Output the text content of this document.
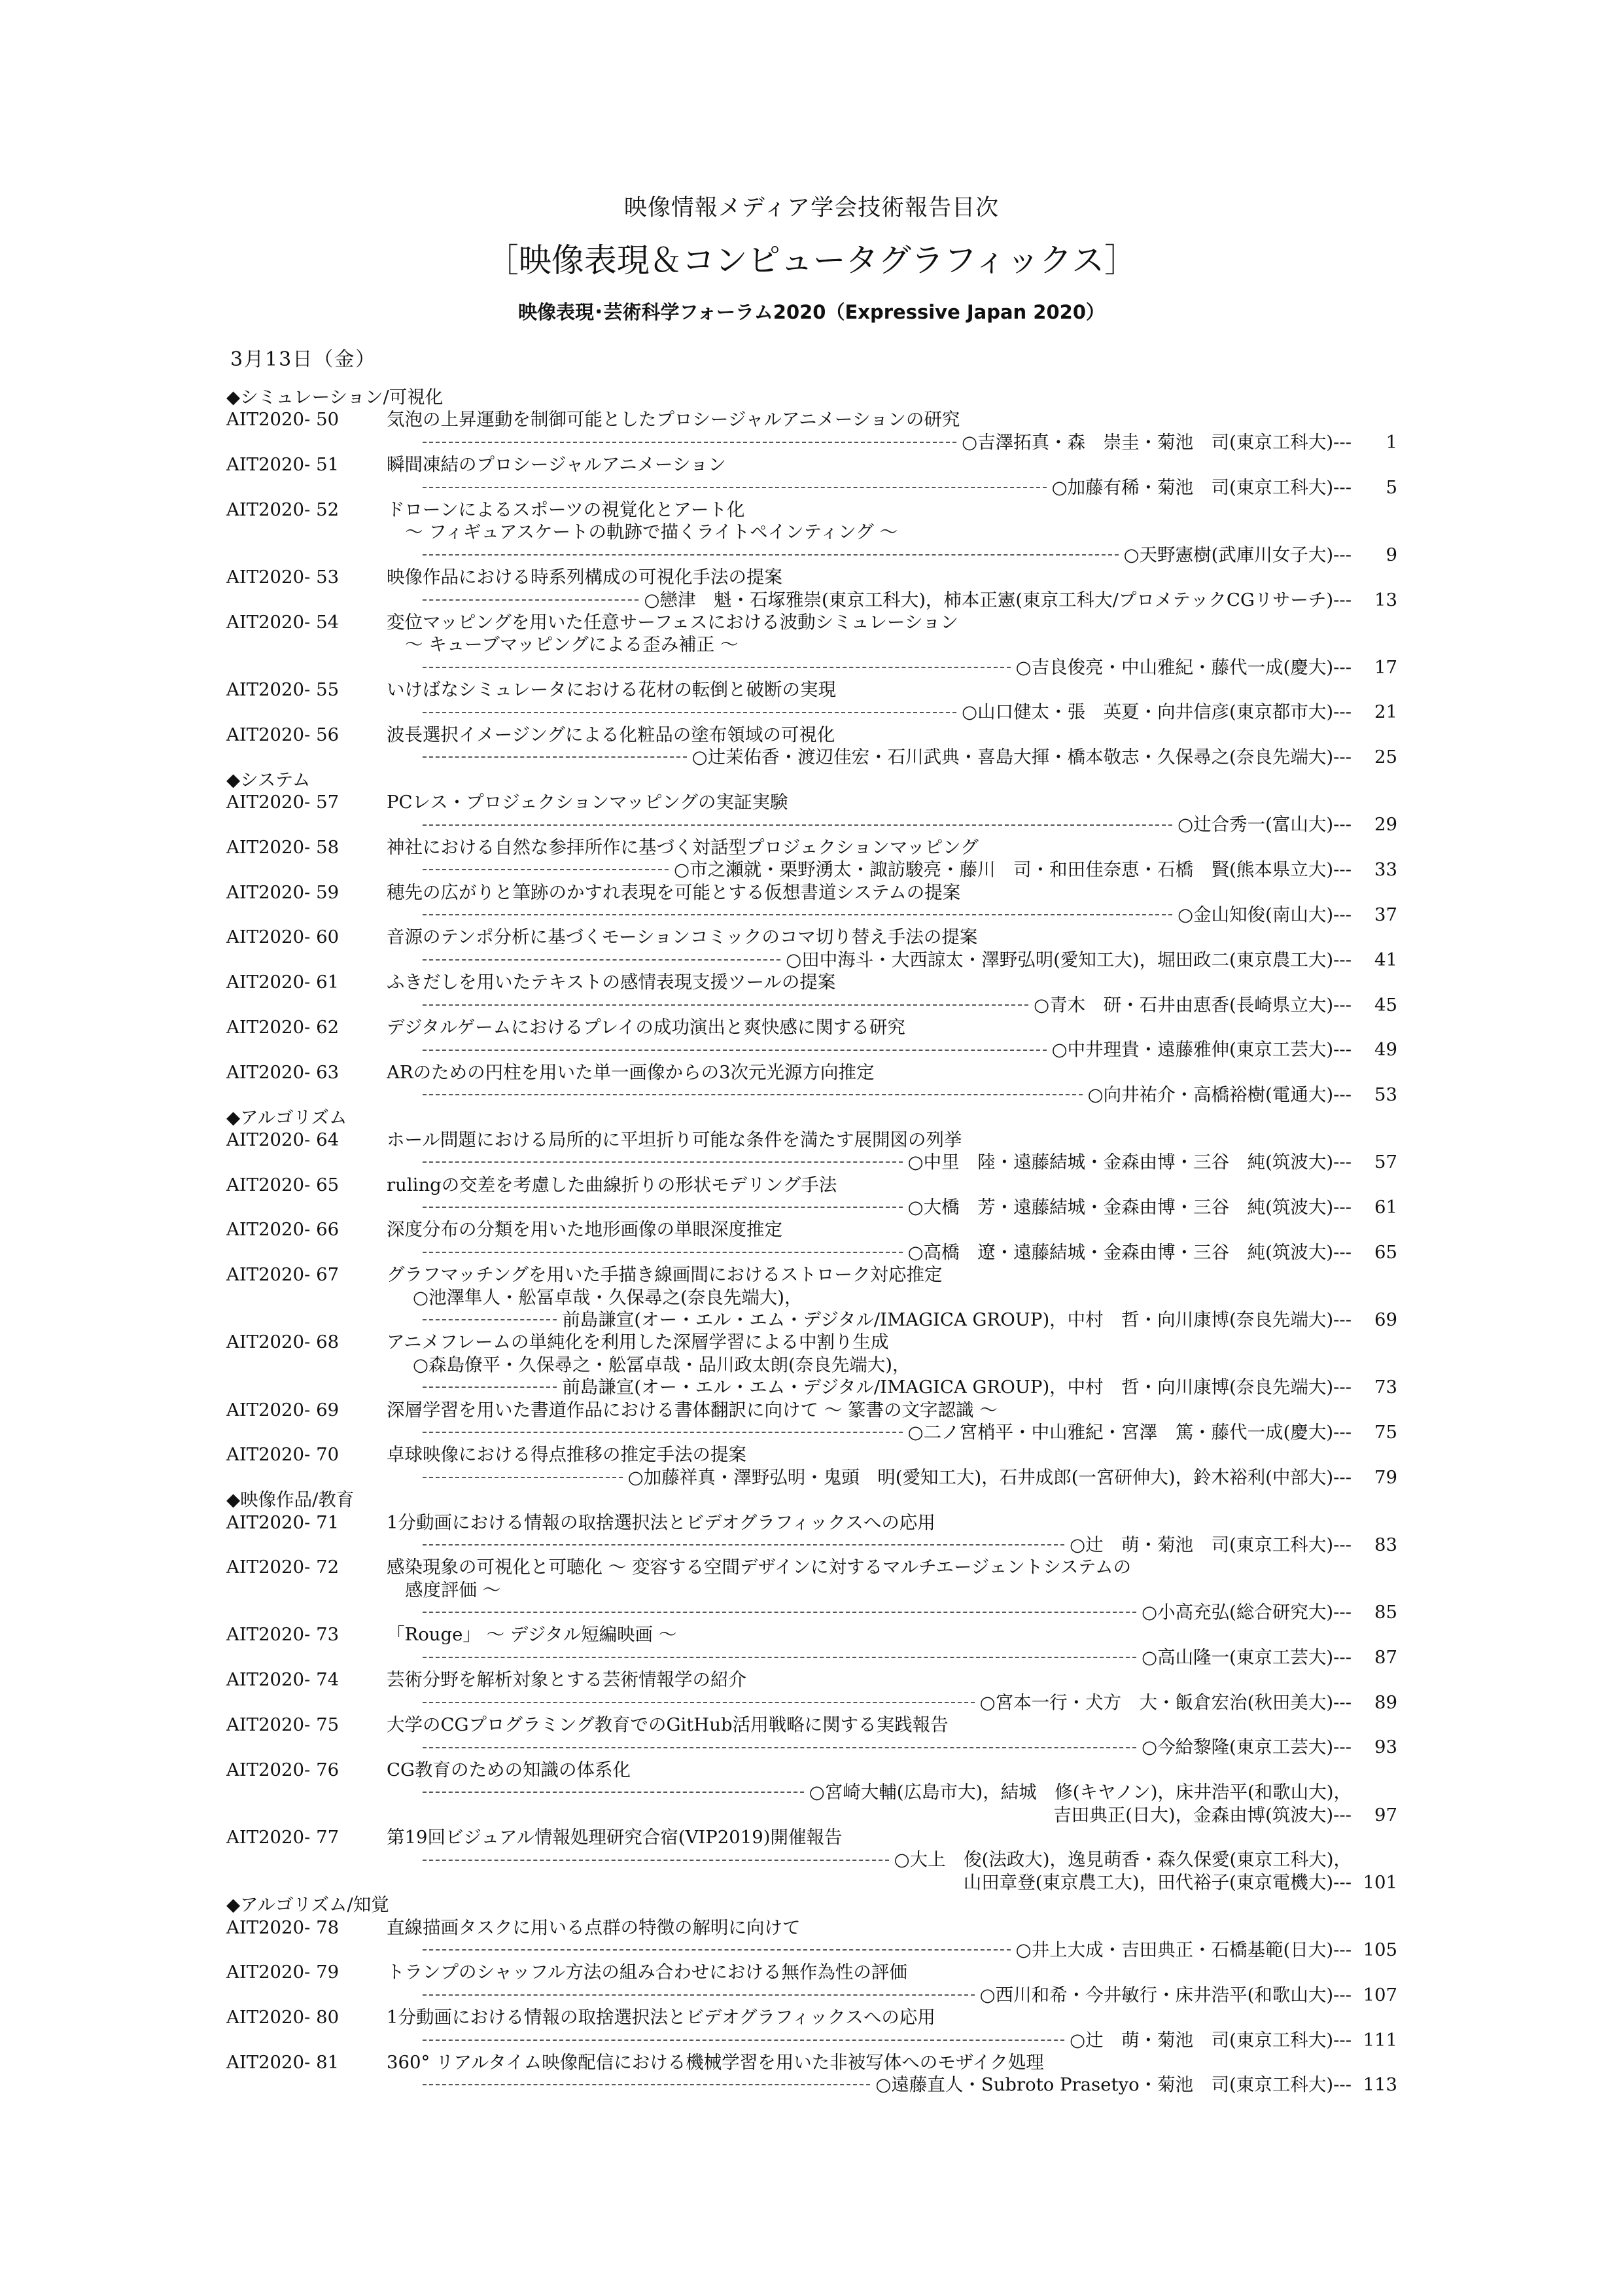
映像情報メディア学会技術報告目次
［映像表現＆コンピュータグラフィックス］
映像表現･芸術科学フォーラム2020（Expressive Japan 2020）
3月13日（金）
◆シミュレーション/可視化
AIT2020- 50	気泡の上昇運動を制御可能としたプロシージャルアニメーションの研究
○吉澤拓真・森　崇圭・菊池　司(東京工科大)---	1
AIT2020- 51	瞬間凍結のプロシージャルアニメーション
○加藤有稀・菊池　司(東京工科大)---	5
AIT2020- 52	ドローンによるスポーツの視覚化とアート化
～ フィギュアスケートの軌跡で描くライトペインティング ～
○天野憲樹(武庫川女子大)---	9
AIT2020- 53	映像作品における時系列構成の可視化手法の提案
○戀津　魁・石塚雅崇(東京工科大)，柿本正憲(東京工科大/プロメテックCGリサーチ)---	13
AIT2020- 54	変位マッピングを用いた任意サーフェスにおける波動シミュレーション
～ キューブマッピングによる歪み補正 ～
○吉良俊亮・中山雅紀・藤代一成(慶大)---	17
AIT2020- 55	いけばなシミュレータにおける花材の転倒と破断の実現
○山口健太・張　英夏・向井信彦(東京都市大)---	21
AIT2020- 56	波長選択イメージングによる化粧品の塗布領域の可視化
○辻茉佑香・渡辺佳宏・石川武典・喜島大揮・橋本敬志・久保尋之(奈良先端大)---	25
◆システム
AIT2020- 57	PCレス・プロジェクションマッピングの実証実験
○辻合秀一(富山大)---	29
AIT2020- 58	神社における自然な参拝所作に基づく対話型プロジェクションマッピング
○市之瀬就・栗野湧太・諏訪駿亮・藤川　司・和田佳奈恵・石橋　賢(熊本県立大)---	33
AIT2020- 59	穂先の広がりと筆跡のかすれ表現を可能とする仮想書道システムの提案
○金山知俊(南山大)---	37
AIT2020- 60	音源のテンポ分析に基づくモーションコミックのコマ切り替え手法の提案
○田中海斗・大西諒太・澤野弘明(愛知工大)，堀田政二(東京農工大)---	41
AIT2020- 61	ふきだしを用いたテキストの感情表現支援ツールの提案
○青木　研・石井由恵香(長崎県立大)---	45
AIT2020- 62	デジタルゲームにおけるプレイの成功演出と爽快感に関する研究
○中井理貴・遠藤雅伸(東京工芸大)---	49
AIT2020- 63	ARのための円柱を用いた単一画像からの3次元光源方向推定
○向井祐介・高橋裕樹(電通大)---	53
◆アルゴリズム
AIT2020- 64	ホール問題における局所的に平坦折り可能な条件を満たす展開図の列挙
○中里　陸・遠藤結城・金森由博・三谷　純(筑波大)---	57
AIT2020- 65	rulingの交差を考慮した曲線折りの形状モデリング手法
○大橋　芳・遠藤結城・金森由博・三谷　純(筑波大)---	61
AIT2020- 66	深度分布の分類を用いた地形画像の単眼深度推定
○高橋　遼・遠藤結城・金森由博・三谷　純(筑波大)---	65
AIT2020- 67	グラフマッチングを用いた手描き線画間におけるストローク対応推定
○池澤隼人・舩冨卓哉・久保尋之(奈良先端大)，
前島謙宣(オー・エル・エム・デジタル/IMAGICA GROUP)，中村　哲・向川康博(奈良先端大)---	69
AIT2020- 68	アニメフレームの単純化を利用した深層学習による中割り生成
○森島僚平・久保尋之・舩冨卓哉・品川政太朗(奈良先端大)，
前島謙宣(オー・エル・エム・デジタル/IMAGICA GROUP)，中村　哲・向川康博(奈良先端大)---	73
AIT2020- 69	深層学習を用いた書道作品における書体翻訳に向けて ～ 篆書の文字認識 ～
○二ノ宮梢平・中山雅紀・宮澤　篤・藤代一成(慶大)---	75
AIT2020- 70	卓球映像における得点推移の推定手法の提案
○加藤祥真・澤野弘明・鬼頭　明(愛知工大)，石井成郎(一宮研伸大)，鈴木裕利(中部大)---	79
◆映像作品/教育
AIT2020- 71	1分動画における情報の取捨選択法とビデオグラフィックスへの応用
○辻　萌・菊池　司(東京工科大)---	83
AIT2020- 72	感染現象の可視化と可聴化 ～ 変容する空間デザインに対するマルチエージェントシステムの
感度評価 ～
○小高充弘(総合研究大)---	85
AIT2020- 73	「Rouge」 ～ デジタル短編映画 ～
○高山隆一(東京工芸大)---	87
AIT2020- 74	芸術分野を解析対象とする芸術情報学の紹介
○宮本一行・犬方　大・飯倉宏治(秋田美大)---	89
AIT2020- 75	大学のCGプログラミング教育でのGitHub活用戦略に関する実践報告
○今給黎隆(東京工芸大)---	93
AIT2020- 76	CG教育のための知識の体系化
○宮崎大輔(広島市大)，結城　修(キヤノン)，床井浩平(和歌山大)，
吉田典正(日大)，金森由博(筑波大)---	97
AIT2020- 77	第19回ビジュアル情報処理研究合宿(VIP2019)開催報告
○大上　俊(法政大)，逸見萌香・森久保愛(東京工科大)，
山田章登(東京農工大)，田代裕子(東京電機大)--- 101
◆アルゴリズム/知覚
AIT2020- 78	直線描画タスクに用いる点群の特徴の解明に向けて
○井上大成・吉田典正・石橋基範(日大)--- 105
AIT2020- 79	トランプのシャッフル方法の組み合わせにおける無作為性の評価
○西川和希・今井敏行・床井浩平(和歌山大)--- 107
AIT2020- 80	1分動画における情報の取捨選択法とビデオグラフィックスへの応用
○辻　萌・菊池　司(東京工科大)--- 111
AIT2020- 81	360° リアルタイム映像配信における機械学習を用いた非被写体へのモザイク処理
○遠藤直人・Subroto Prasetyo・菊池　司(東京工科大)--- 113
